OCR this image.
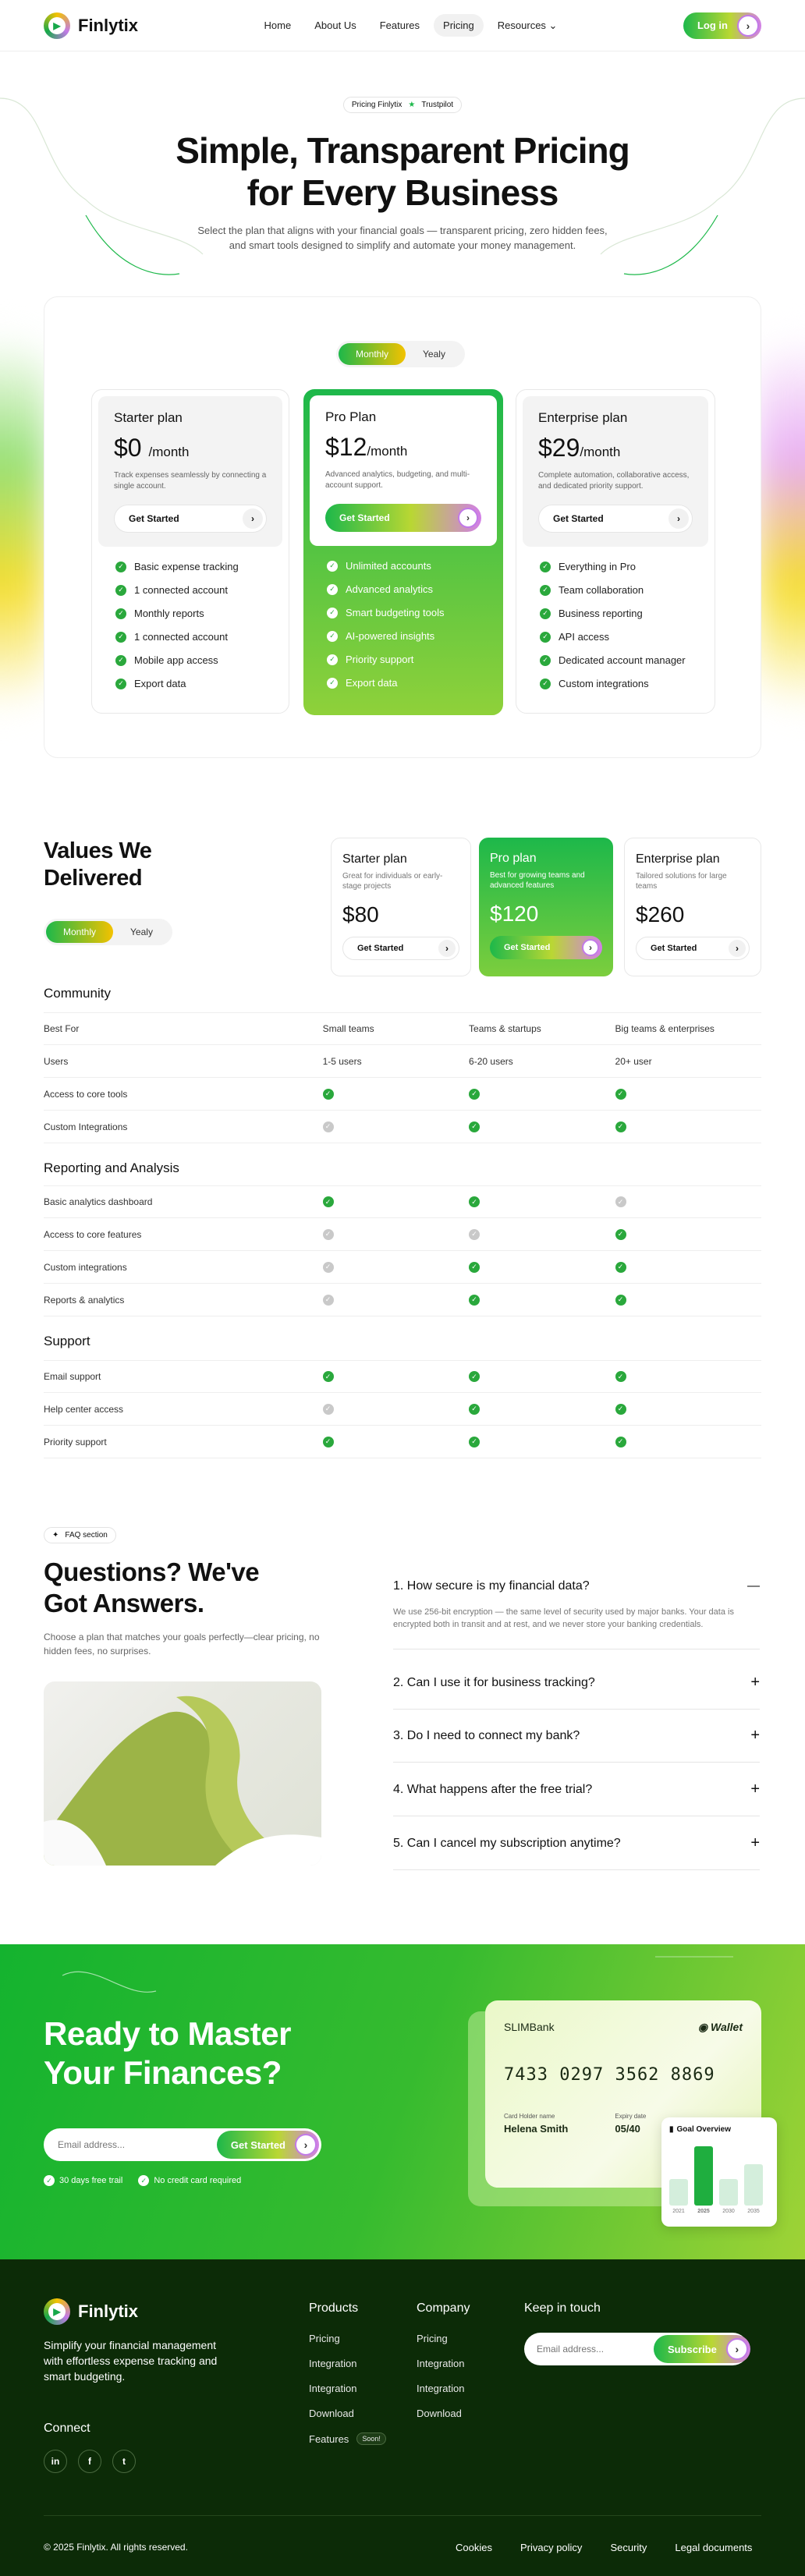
▶ Finlytix	Home	About Us	Features	Pricing	Resources ⌄	Log in	›
Pricing Finlytix ★ Trustpilot
Simple, Transparent Pricing
for Every Business
Select the plan that aligns with your financial goals — transparent pricing, zero hidden fees, and smart tools designed to simplify and automate your money management.
Monthly	Yealy
Starter plan
$0 /month

Track expenses seamlessly by connecting a single account.

Get Started	›
✓ Basic expense tracking
✓ 1 connected account
✓ Monthly reports
✓ 1 connected account
✓ Mobile app access
✓ Export data
Pro Plan
$12/month

Advanced analytics, budgeting, and multi-account support.

Get Started	›
✓ Unlimited accounts
✓ Advanced analytics
✓ Smart budgeting tools
✓ AI-powered insights
✓ Priority support
✓ Export data
Enterprise plan
$29/month

Complete automation, collaborative access, and dedicated priority support.

Get Started	›
✓ Everything in Pro
✓ Team collaboration
✓ Business reporting
✓ API access
✓ Dedicated account manager
✓ Custom integrations
Values We
Delivered
Monthly	Yealy
Starter plan
Great for individuals or early-stage projects
$80
Get Started	›
Pro plan
Best for growing teams and advanced features
$120
Get Started	›
Enterprise plan
Tailored solutions for large teams
$260
Get Started	›
Community
Best For	Small teams	Teams & startups	Big teams & enterprises
Users	1-5 users	6-20 users	20+ user
Access to core tools	✓	✓	✓
Custom Integrations	✓	✓	✓
Reporting and Analysis
Basic analytics dashboard	✓	✓	✓
Access to core features	✓	✓	✓
Custom integrations	✓	✓	✓
Reports & analytics	✓	✓	✓
Support
Email support	✓	✓	✓
Help center access	✓	✓	✓
Priority support	✓	✓	✓
✦ FAQ section
Questions? We've
Got Answers.
Choose a plan that matches your goals perfectly—clear pricing, no hidden fees, no surprises.
1. How secure is my financial data?	—
We use 256-bit encryption — the same level of security used by major banks. Your data is encrypted both in transit and at rest, and we never store your banking credentials.
2. Can I use it for business tracking?	+
3. Do I need to connect my bank?	+
4. What happens after the free trial?	+
5. Can I cancel my subscription anytime?	+
Ready to Master
Your Finances?
Email address...
Get Started	›
✓ 30 days free trail	✓ No credit card required
SLIMBank	◉ Wallet
7433 0297 3562 8869
Card Holder name
Helena Smith
Expiry date
05/40	▮ Goal Overview
2021	2025	2030	2035
▶ Finlytix
Simplify your financial management with effortless expense tracking and smart budgeting.
Connect
in	f	t
Products
Pricing
Integration
Integration
Download
Features	Soon!
Company
Pricing
Integration
Integration
Download
Keep in touch
Email address...
Subscribe	›
© 2025 Finlytix. All rights reserved.	Cookies	Privacy policy	Security	Legal documents
